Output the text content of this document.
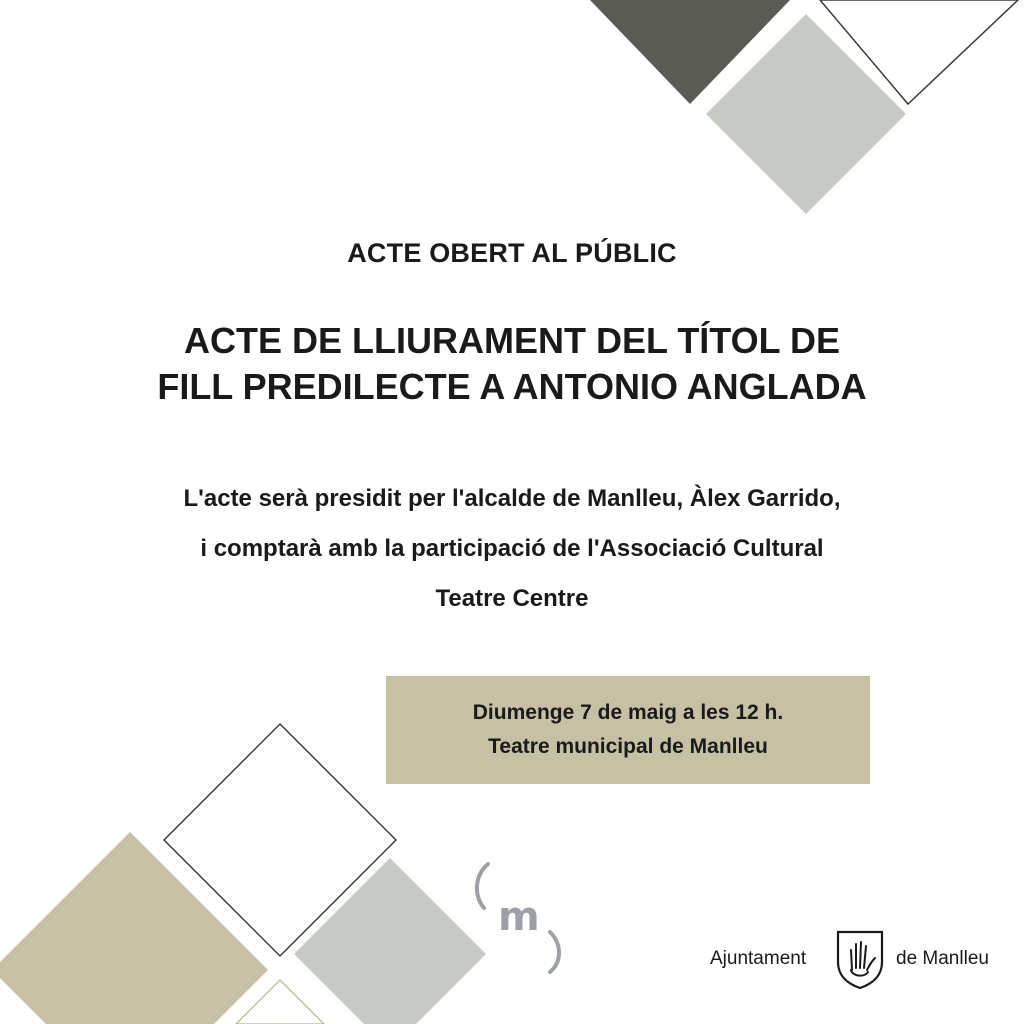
ACTE OBERT AL PÚBLIC
ACTE DE LLIURAMENT DEL TÍTOL DE
FILL PREDILECTE A ANTONIO ANGLADA
L'acte serà presidit per l'alcalde de Manlleu, Àlex Garrido,
i comptarà amb la participació de l'Associació Cultural
Teatre Centre
Diumenge 7 de maig a les 12 h.
Teatre municipal de Manlleu
m
Ajuntament	de Manlleu
